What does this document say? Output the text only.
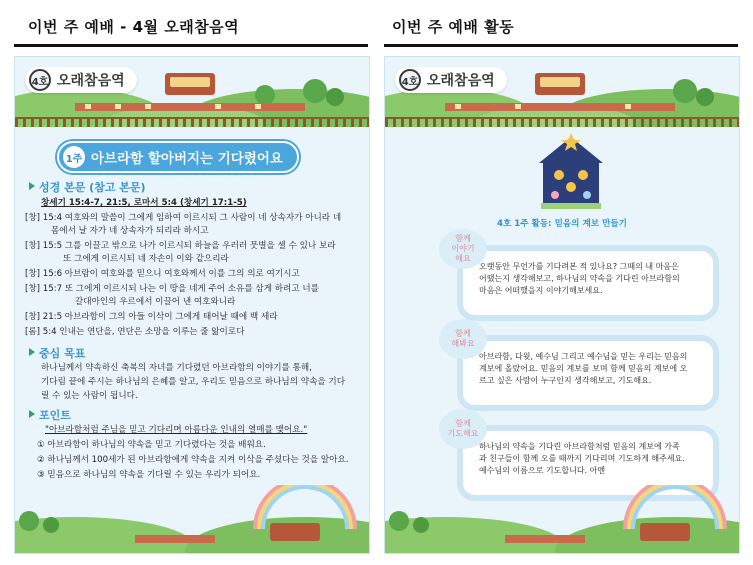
이번 주 예배 - 4월 오래참음역	이번 주 예배 활동
4호 오래참음역
1주 아브라함 할아버지는 기다렸어요
성경 본문 (참고 본문)
창세기 15:4-7, 21:5, 로마서 5:4 (창세기 17:1-5)
[창] 15:4 여호와의 말씀이 그에게 임하여 이르시되 그 사람이 네 상속자가 아니라 네
몸에서 날 자가 네 상속자가 되리라 하시고
[창] 15:5 그를 이끌고 밖으로 나가 이르시되 하늘을 우러러 뭇별을 셀 수 있나 보라
또 그에게 이르시되 네 자손이 이와 같으리라
[창] 15:6 아브람이 여호와를 믿으니 여호와께서 이를 그의 의로 여기시고
[창] 15:7 또 그에게 이르시되 나는 이 땅을 네게 주어 소유를 삼게 하려고 너를
갈대아인의 우르에서 이끌어 낸 여호와니라
[창] 21:5 아브라함이 그의 아들 이삭이 그에게 태어날 때에 백 세라
[롬] 5:4 인내는 연단을, 연단은 소망을 이루는 줄 앎이로다
중심 목표
하나님께서 약속하신 축복의 자녀를 기다렸던 아브라함의 이야기를 통해,
기다림 끝에 주시는 하나님의 은혜를 알고, 우리도 믿음으로 하나님의 약속을 기다
릴 수 있는 사람이 됩니다.
포인트
"아브라함처럼 주님을 믿고 기다리며 아름다운 인내의 열매를 맺어요."
① 아브라함이 하나님의 약속을 믿고 기다렸다는 것을 배워요.
② 하나님께서 100세가 된 아브라함에게 약속을 지켜 이삭을 주셨다는 것을 알아요.
③ 믿음으로 하나님의 약속을 기다릴 수 있는 우리가 되어요.
4호 오래참음역
4호 1주 활동: 믿음의 계보 만들기
오랫동안 무언가를 기다려본 적 있나요? 그때의 내 마음은
어땠는지 생각해보고, 하나님의 약속을 기다린 아브라함의
마음은 어떠했을지 이야기해보세요.
함께
이야기
해요
아브라함, 다윗, 예수님 그리고 예수님을 믿는 우리는 믿음의
계보에 올랐어요. 믿음의 계보를 보며 함께 믿음의 계보에 오
르고 싶은 사람이 누구인지 생각해보고, 기도해요.
함께
해봐요
하나님의 약속을 기다린 아브라함처럼 믿음의 계보에 가족
과 친구들이 함께 오를 때까지 기다리며 기도하게 해주세요.
예수님의 이름으로 기도합니다. 아멘
함께
기도해요
